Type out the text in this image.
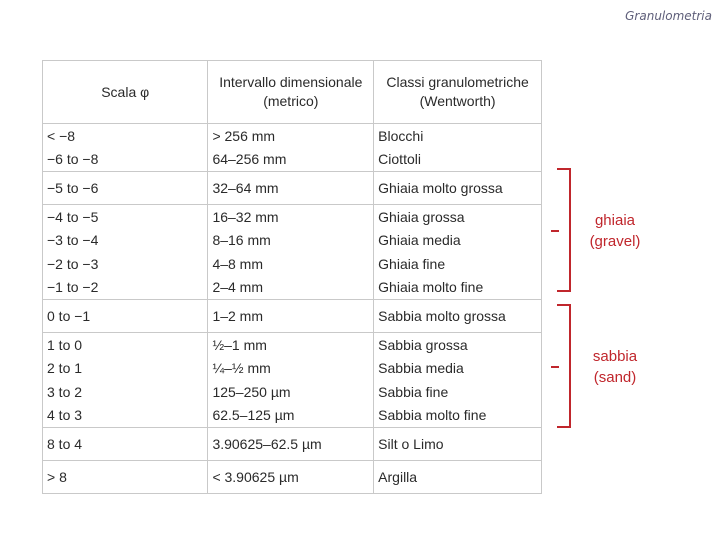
Granulometria
Scala φ	Intervallo dimensionale (metrico)	Classi granulometriche (Wentworth)
< −8	> 256 mm	Blocchi
−6 to −8	64–256 mm	Ciottoli
−5 to −6	32–64 mm	Ghiaia molto grossa
−4 to −5	16–32 mm	Ghiaia grossa
−3 to −4	8–16 mm	Ghiaia media
−2 to −3	4–8 mm	Ghiaia fine
−1 to −2	2–4 mm	Ghiaia molto fine
0 to −1	1–2 mm	Sabbia molto grossa
1 to 0	½–1 mm	Sabbia grossa
2 to 1	¼–½ mm	Sabbia media
3 to 2	125–250 µm	Sabbia fine
4 to 3	62.5–125 µm	Sabbia molto fine
8 to 4	3.90625–62.5 µm	Silt o Limo
> 8	< 3.90625 µm	Argilla
ghiaia
(gravel)
sabbia
(sand)
